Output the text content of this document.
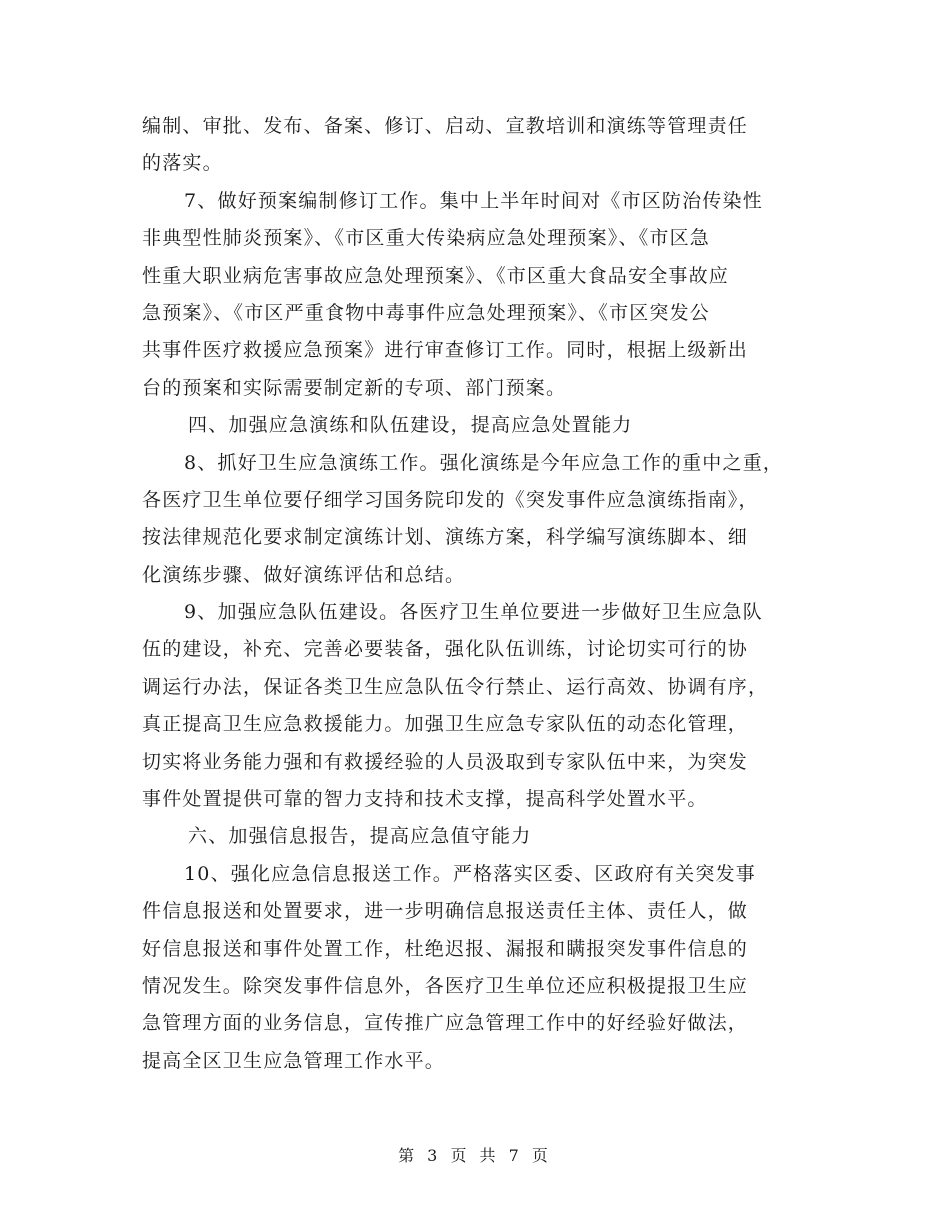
编制、审批、发布、备案、修订、启动、宣教培训和演练等管理责任
的落实。
7、做好预案编制修订工作。集中上半年时间对《市区防治传染性
非典型性肺炎预案》、《市区重大传染病应急处理预案》、《市区急
性重大职业病危害事故应急处理预案》、《市区重大食品安全事故应
急预案》、《市区严重食物中毒事件应急处理预案》、《市区突发公
共事件医疗救援应急预案》进行审查修订工作。同时，根据上级新出
台的预案和实际需要制定新的专项、部门预案。
四、加强应急演练和队伍建设，提高应急处置能力
8、抓好卫生应急演练工作。强化演练是今年应急工作的重中之重，
各医疗卫生单位要仔细学习国务院印发的《突发事件应急演练指南》，
按法律规范化要求制定演练计划、演练方案，科学编写演练脚本、细
化演练步骤、做好演练评估和总结。
9、加强应急队伍建设。各医疗卫生单位要进一步做好卫生应急队
伍的建设，补充、完善必要装备，强化队伍训练，讨论切实可行的协
调运行办法，保证各类卫生应急队伍令行禁止、运行高效、协调有序，
真正提高卫生应急救援能力。加强卫生应急专家队伍的动态化管理，
切实将业务能力强和有救援经验的人员汲取到专家队伍中来，为突发
事件处置提供可靠的智力支持和技术支撑，提高科学处置水平。
六、加强信息报告，提高应急值守能力
10、强化应急信息报送工作。严格落实区委、区政府有关突发事
件信息报送和处置要求，进一步明确信息报送责任主体、责任人，做
好信息报送和事件处置工作，杜绝迟报、漏报和瞒报突发事件信息的
情况发生。除突发事件信息外，各医疗卫生单位还应积极提报卫生应
急管理方面的业务信息，宣传推广应急管理工作中的好经验好做法，
提高全区卫生应急管理工作水平。
第 3 页 共 7 页
